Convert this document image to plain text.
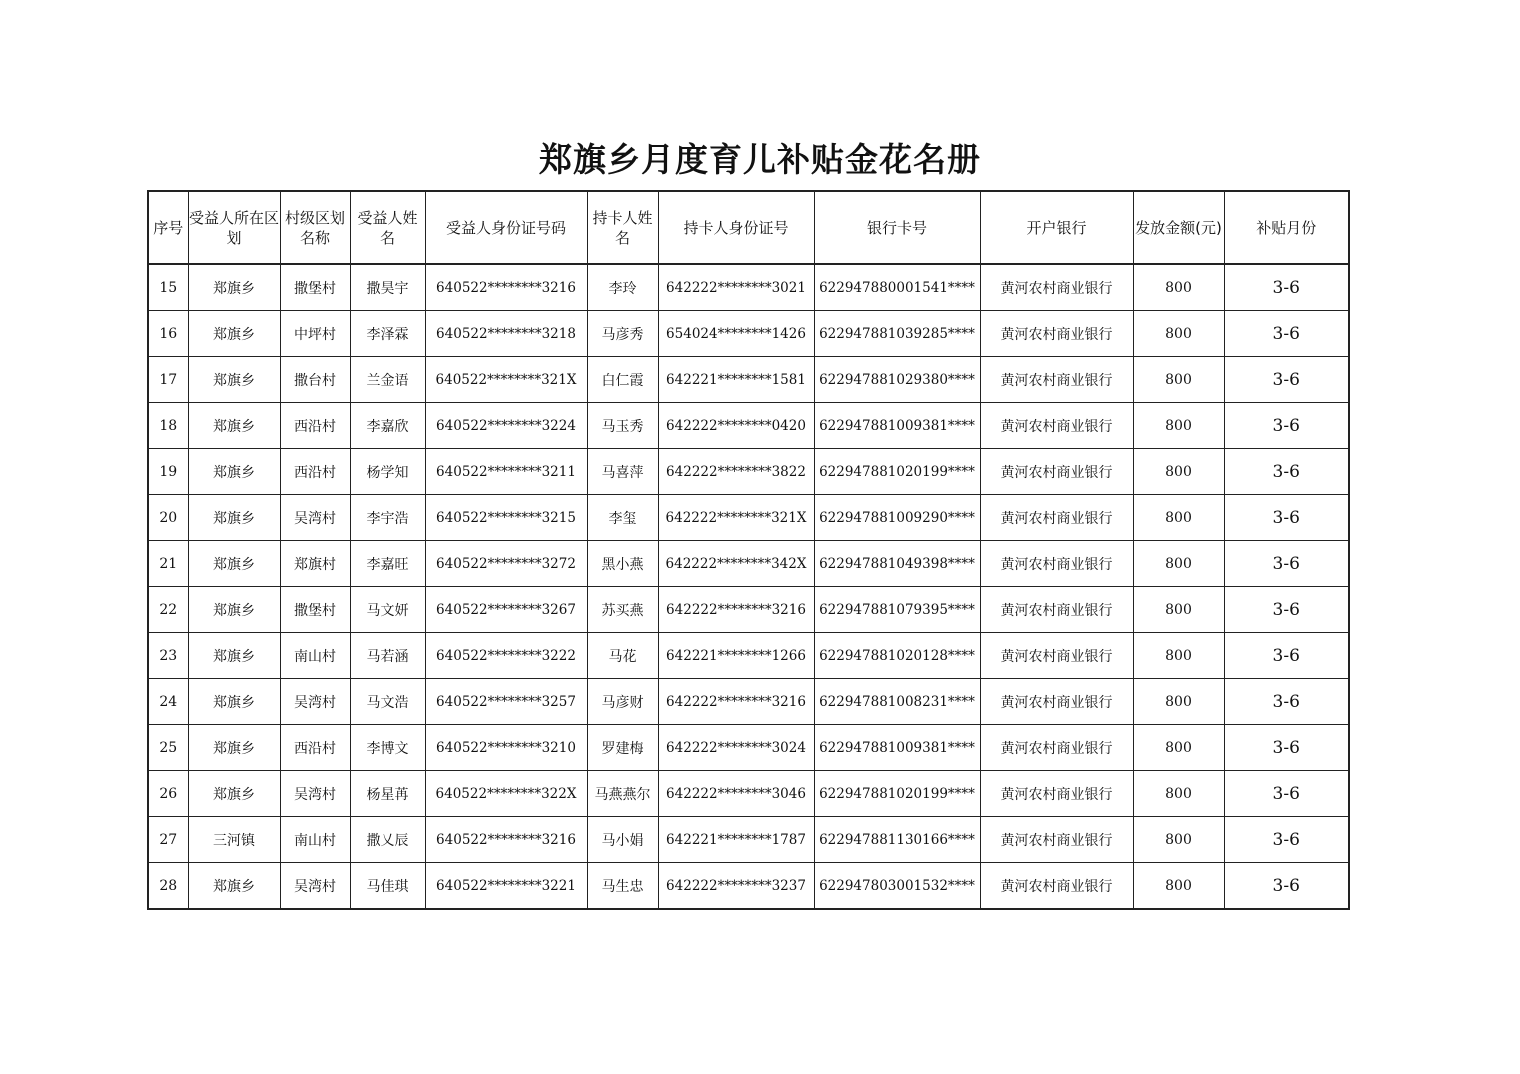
郑旗乡月度育儿补贴金花名册
序号	受益人所在区划	村级区划名称	受益人姓名	受益人身份证号码	持卡人姓名	持卡人身份证号	银行卡号	开户银行	发放金额(元)	补贴月份
15	郑旗乡	撒堡村	撒昊宇	640522********3216	李玲	642222********3021	622947880001541****	黄河农村商业银行	800	3-6
16	郑旗乡	中坪村	李泽霖	640522********3218	马彦秀	654024********1426	622947881039285****	黄河农村商业银行	800	3-6
17	郑旗乡	撒台村	兰金语	640522********321X	白仁霞	642221********1581	622947881029380****	黄河农村商业银行	800	3-6
18	郑旗乡	西沿村	李嘉欣	640522********3224	马玉秀	642222********0420	622947881009381****	黄河农村商业银行	800	3-6
19	郑旗乡	西沿村	杨学知	640522********3211	马喜萍	642222********3822	622947881020199****	黄河农村商业银行	800	3-6
20	郑旗乡	吴湾村	李宇浩	640522********3215	李玺	642222********321X	622947881009290****	黄河农村商业银行	800	3-6
21	郑旗乡	郑旗村	李嘉旺	640522********3272	黑小燕	642222********342X	622947881049398****	黄河农村商业银行	800	3-6
22	郑旗乡	撒堡村	马文妍	640522********3267	苏买燕	642222********3216	622947881079395****	黄河农村商业银行	800	3-6
23	郑旗乡	南山村	马若涵	640522********3222	马花	642221********1266	622947881020128****	黄河农村商业银行	800	3-6
24	郑旗乡	吴湾村	马文浩	640522********3257	马彦财	642222********3216	622947881008231****	黄河农村商业银行	800	3-6
25	郑旗乡	西沿村	李博文	640522********3210	罗建梅	642222********3024	622947881009381****	黄河农村商业银行	800	3-6
26	郑旗乡	吴湾村	杨星苒	640522********322X	马燕燕尔	642222********3046	622947881020199****	黄河农村商业银行	800	3-6
27	三河镇	南山村	撒乂辰	640522********3216	马小娟	642221********1787	622947881130166****	黄河农村商业银行	800	3-6
28	郑旗乡	吴湾村	马佳琪	640522********3221	马生忠	642222********3237	622947803001532****	黄河农村商业银行	800	3-6
